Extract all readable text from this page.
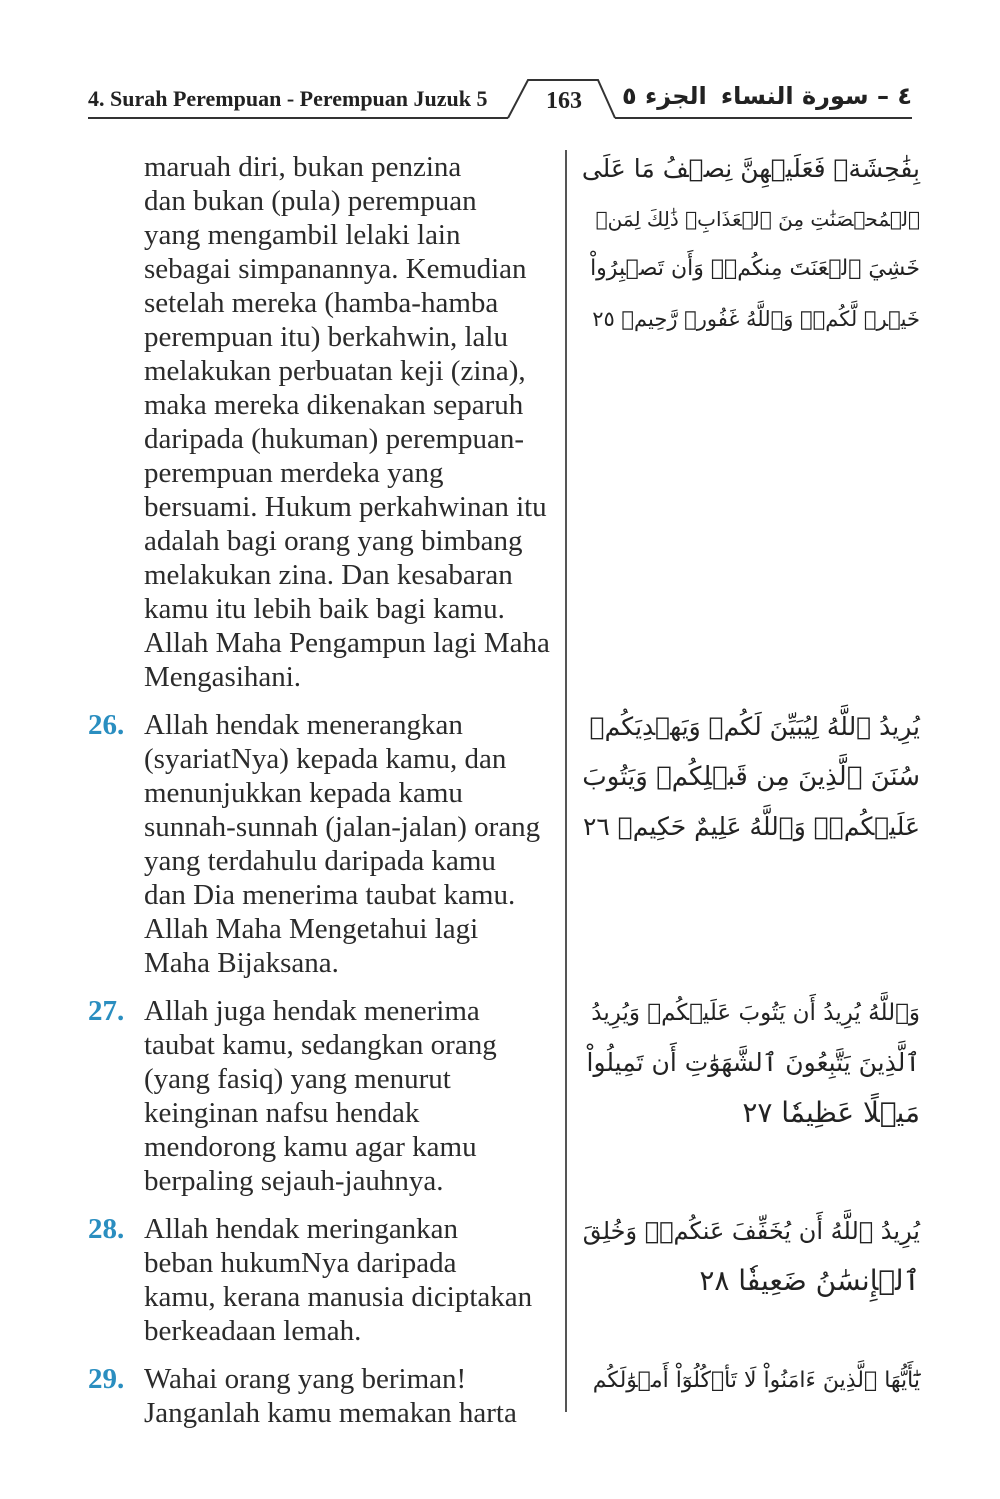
4. Surah Perempuan - Perempuan Juzuk 5	163	الجزء ٥ ٤ – سورة النساء
maruah diri, bukan penzina
dan bukan (pula) perempuan
yang mengambil lelaki lain
sebagai simpanannya. Kemudian
setelah mereka (hamba-hamba
perempuan itu) berkahwin, lalu
melakukan perbuatan keji (zina),
maka mereka dikenakan separuh
daripada (hukuman) perempuan-
perempuan merdeka yang
bersuami. Hukum perkahwinan itu
adalah bagi orang yang bimbang
melakukan zina. Dan kesabaran
kamu itu lebih baik bagi kamu.
Allah Maha Pengampun lagi Maha
Mengasihani.
26. Allah hendak menerangkan
(syariatNya) kepada kamu, dan
menunjukkan kepada kamu
sunnah-sunnah (jalan-jalan) orang
yang terdahulu daripada kamu
dan Dia menerima taubat kamu.
Allah Maha Mengetahui lagi
Maha Bijaksana.
27. Allah juga hendak menerima
taubat kamu, sedangkan orang
(yang fasiq) yang menurut
keinginan nafsu hendak
mendorong kamu agar kamu
berpaling sejauh-jauhnya.
28. Allah hendak meringankan
beban hukumNya daripada
kamu, kerana manusia diciptakan
berkeadaan lemah.
29. Wahai orang yang beriman!
Janganlah kamu memakan harta
بِفَٰحِشَةٖ فَعَلَيۡهِنَّ نِصۡفُ مَا عَلَى
ٱلۡمُحۡصَنَٰتِ مِنَ ٱلۡعَذَابِۚ ذَٰلِكَ لِمَنۡ
خَشِيَ ٱلۡعَنَتَ مِنكُمۡۚ وَأَن تَصۡبِرُواْ
خَيۡرٞ لَّكُمۡۗ وَٱللَّهُ غَفُورٞ رَّحِيمٞ ٢٥
يُرِيدُ ٱللَّهُ لِيُبَيِّنَ لَكُمۡ وَيَهۡدِيَكُمۡ
سُنَنَ ٱلَّذِينَ مِن قَبۡلِكُمۡ وَيَتُوبَ
عَلَيۡكُمۡۗ وَٱللَّهُ عَلِيمٌ حَكِيمٞ ٢٦
وَٱللَّهُ يُرِيدُ أَن يَتُوبَ عَلَيۡكُمۡ وَيُرِيدُ
ٱلَّذِينَ يَتَّبِعُونَ ٱلشَّهَوَٰتِ أَن تَمِيلُواْ
مَيۡلًا عَظِيمٗا ٢٧
يُرِيدُ ٱللَّهُ أَن يُخَفِّفَ عَنكُمۡۚ وَخُلِقَ
ٱلۡإِنسَٰنُ ضَعِيفٗا ٢٨
يَٰٓأَيُّهَا ٱلَّذِينَ ءَامَنُواْ لَا تَأۡكُلُوٓاْ أَمۡوَٰلَكُم
